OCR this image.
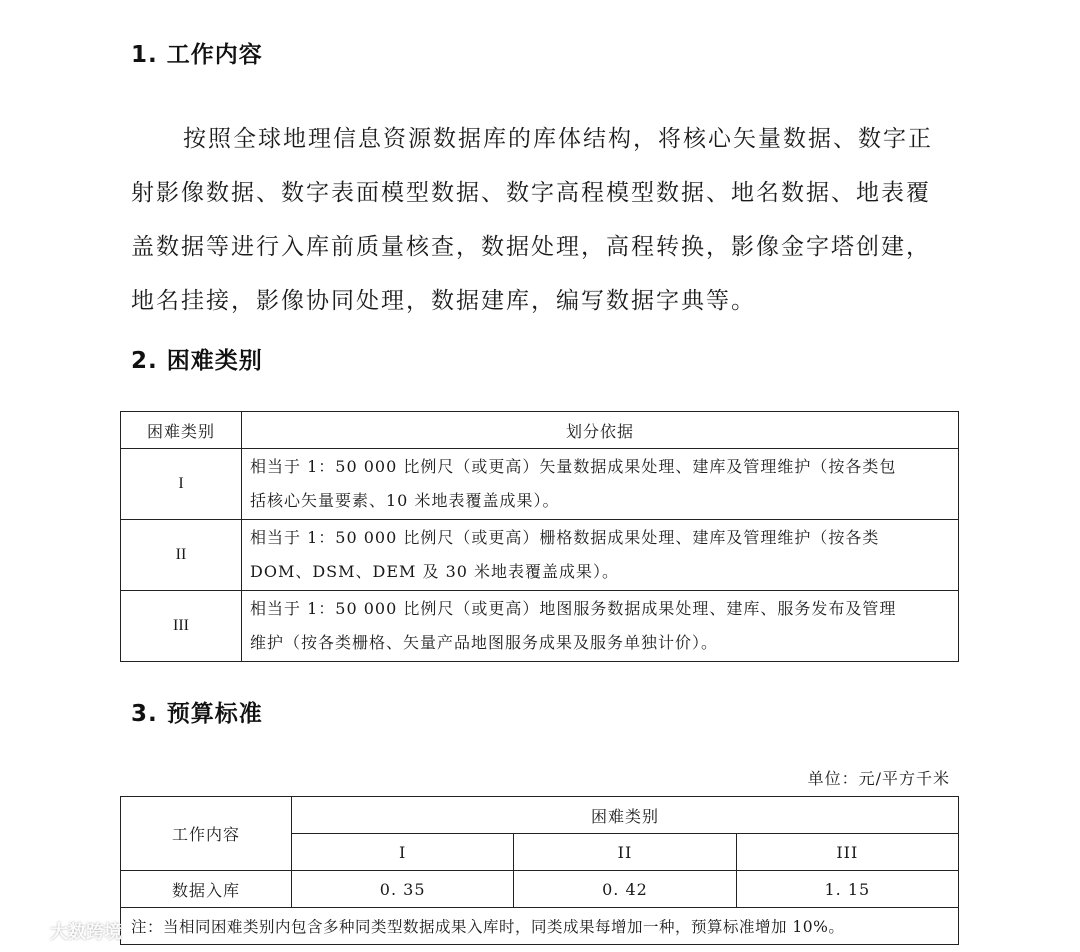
1. 工作内容
按照全球地理信息资源数据库的库体结构，将核心矢量数据、数字正
射影像数据、数字表面模型数据、数字高程模型数据、地名数据、地表覆
盖数据等进行入库前质量核查，数据处理，高程转换，影像金字塔创建，
地名挂接，影像协同处理，数据建库，编写数据字典等。
2. 困难类别
困难类别	划分依据
I	相当于 1：50 000 比例尺（或更高）矢量数据成果处理、建库及管理维护（按各类包
括核心矢量要素、10 米地表覆盖成果）。

II	相当于 1：50 000 比例尺（或更高）栅格数据成果处理、建库及管理维护（按各类
DOM、DSM、DEM 及 30 米地表覆盖成果）。

III	相当于 1：50 000 比例尺（或更高）地图服务数据成果处理、建库、服务发布及管理
维护（按各类栅格、矢量产品地图服务成果及服务单独计价）。
3. 预算标准
单位：元/平方千米
工作内容	困难类别		
	I	II	III
数据入库	0. 35	0. 42	1. 15
注：当相同困难类别内包含多种同类型数据成果入库时，同类成果每增加一种，预算标准增加 10%。			
大数跨境
